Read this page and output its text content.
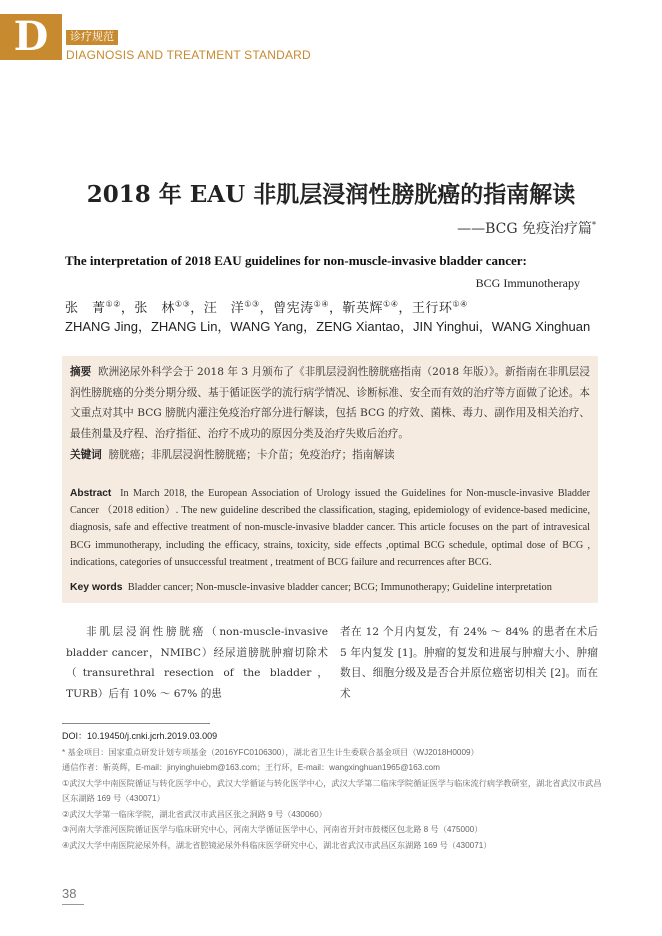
D	诊疗规范
DIAGNOSIS AND TREATMENT STANDARD
2018 年 EAU 非肌层浸润性膀胱癌的指南解读
——BCG 免疫治疗篇*
The interpretation of 2018 EAU guidelines for non-muscle-invasive bladder cancer:
BCG Immunotherapy
张　菁①②，张　林①③，汪　洋①③，曾宪涛①④，靳英辉①④，王行环①④
ZHANG Jing，ZHANG Lin，WANG Yang，ZENG Xiantao，JIN Yinghui，WANG Xinghuan
摘要 欧洲泌尿外科学会于 2018 年 3 月颁布了《非肌层浸润性膀胱癌指南（2018 年版）》。新指南在非肌层浸润性膀胱癌的分类分期分级、基于循证医学的流行病学情况、诊断标准、安全而有效的治疗等方面做了论述。本文重点对其中 BCG 膀胱内灌注免疫治疗部分进行解读，包括 BCG 的疗效、菌株、毒力、副作用及相关治疗、最佳剂量及疗程、治疗指征、治疗不成功的原因分类及治疗失败后治疗。
关键词 膀胱癌；非肌层浸润性膀胱癌；卡介苗；免疫治疗；指南解读
Abstract In March 2018, the European Association of Urology issued the Guidelines for Non-muscle-invasive Bladder Cancer （2018 edition）. The new guideline described the classification, staging, epidemiology of evidence-based medicine, diagnosis, safe and effective treatment of non-muscle-invasive bladder cancer. This article focuses on the part of intravesical BCG immunotherapy, including the efficacy, strains, toxicity, side effects ,optimal BCG schedule, optimal dose of BCG , indications, categories of unsuccessful treatment , treatment of BCG failure and recurrences after BCG.
Key words Bladder cancer; Non-muscle-invasive bladder cancer; BCG; Immunotherapy; Guideline interpretation
非肌层浸润性膀胱癌（non-muscle-invasive bladder cancer，NMIBC）经尿道膀胱肿瘤切除术（transurethral resection of the bladder，TURB）后有 10% ～ 67% 的患
者在 12 个月内复发，有 24% ～ 84% 的患者在术后 5 年内复发 [1]。肿瘤的复发和进展与肿瘤大小、肿瘤数目、细胞分级及是否合并原位癌密切相关 [2]。而在术
DOI：10.19450/j.cnki.jcrh.2019.03.009
* 基金项目：国家重点研发计划专项基金（2016YFC0106300），湖北省卫生计生委联合基金项目（WJ2018H0009）
通信作者：靳英辉，E-mail：jinyinghuiebm@163.com；王行环，E-mail：wangxinghuan1965@163.com
①武汉大学中南医院循证与转化医学中心，武汉大学循证与转化医学中心，武汉大学第二临床学院循证医学与临床流行病学教研室，湖北省武汉市武昌区东湖路 169 号（430071）
②武汉大学第一临床学院，湖北省武汉市武昌区张之洞路 9 号（430060）
③河南大学淮河医院循证医学与临床研究中心，河南大学循证医学中心，河南省开封市鼓楼区包北路 8 号（475000）
④武汉大学中南医院泌尿外科，湖北省腔镜泌尿外科临床医学研究中心，湖北省武汉市武昌区东湖路 169 号（430071）
38
